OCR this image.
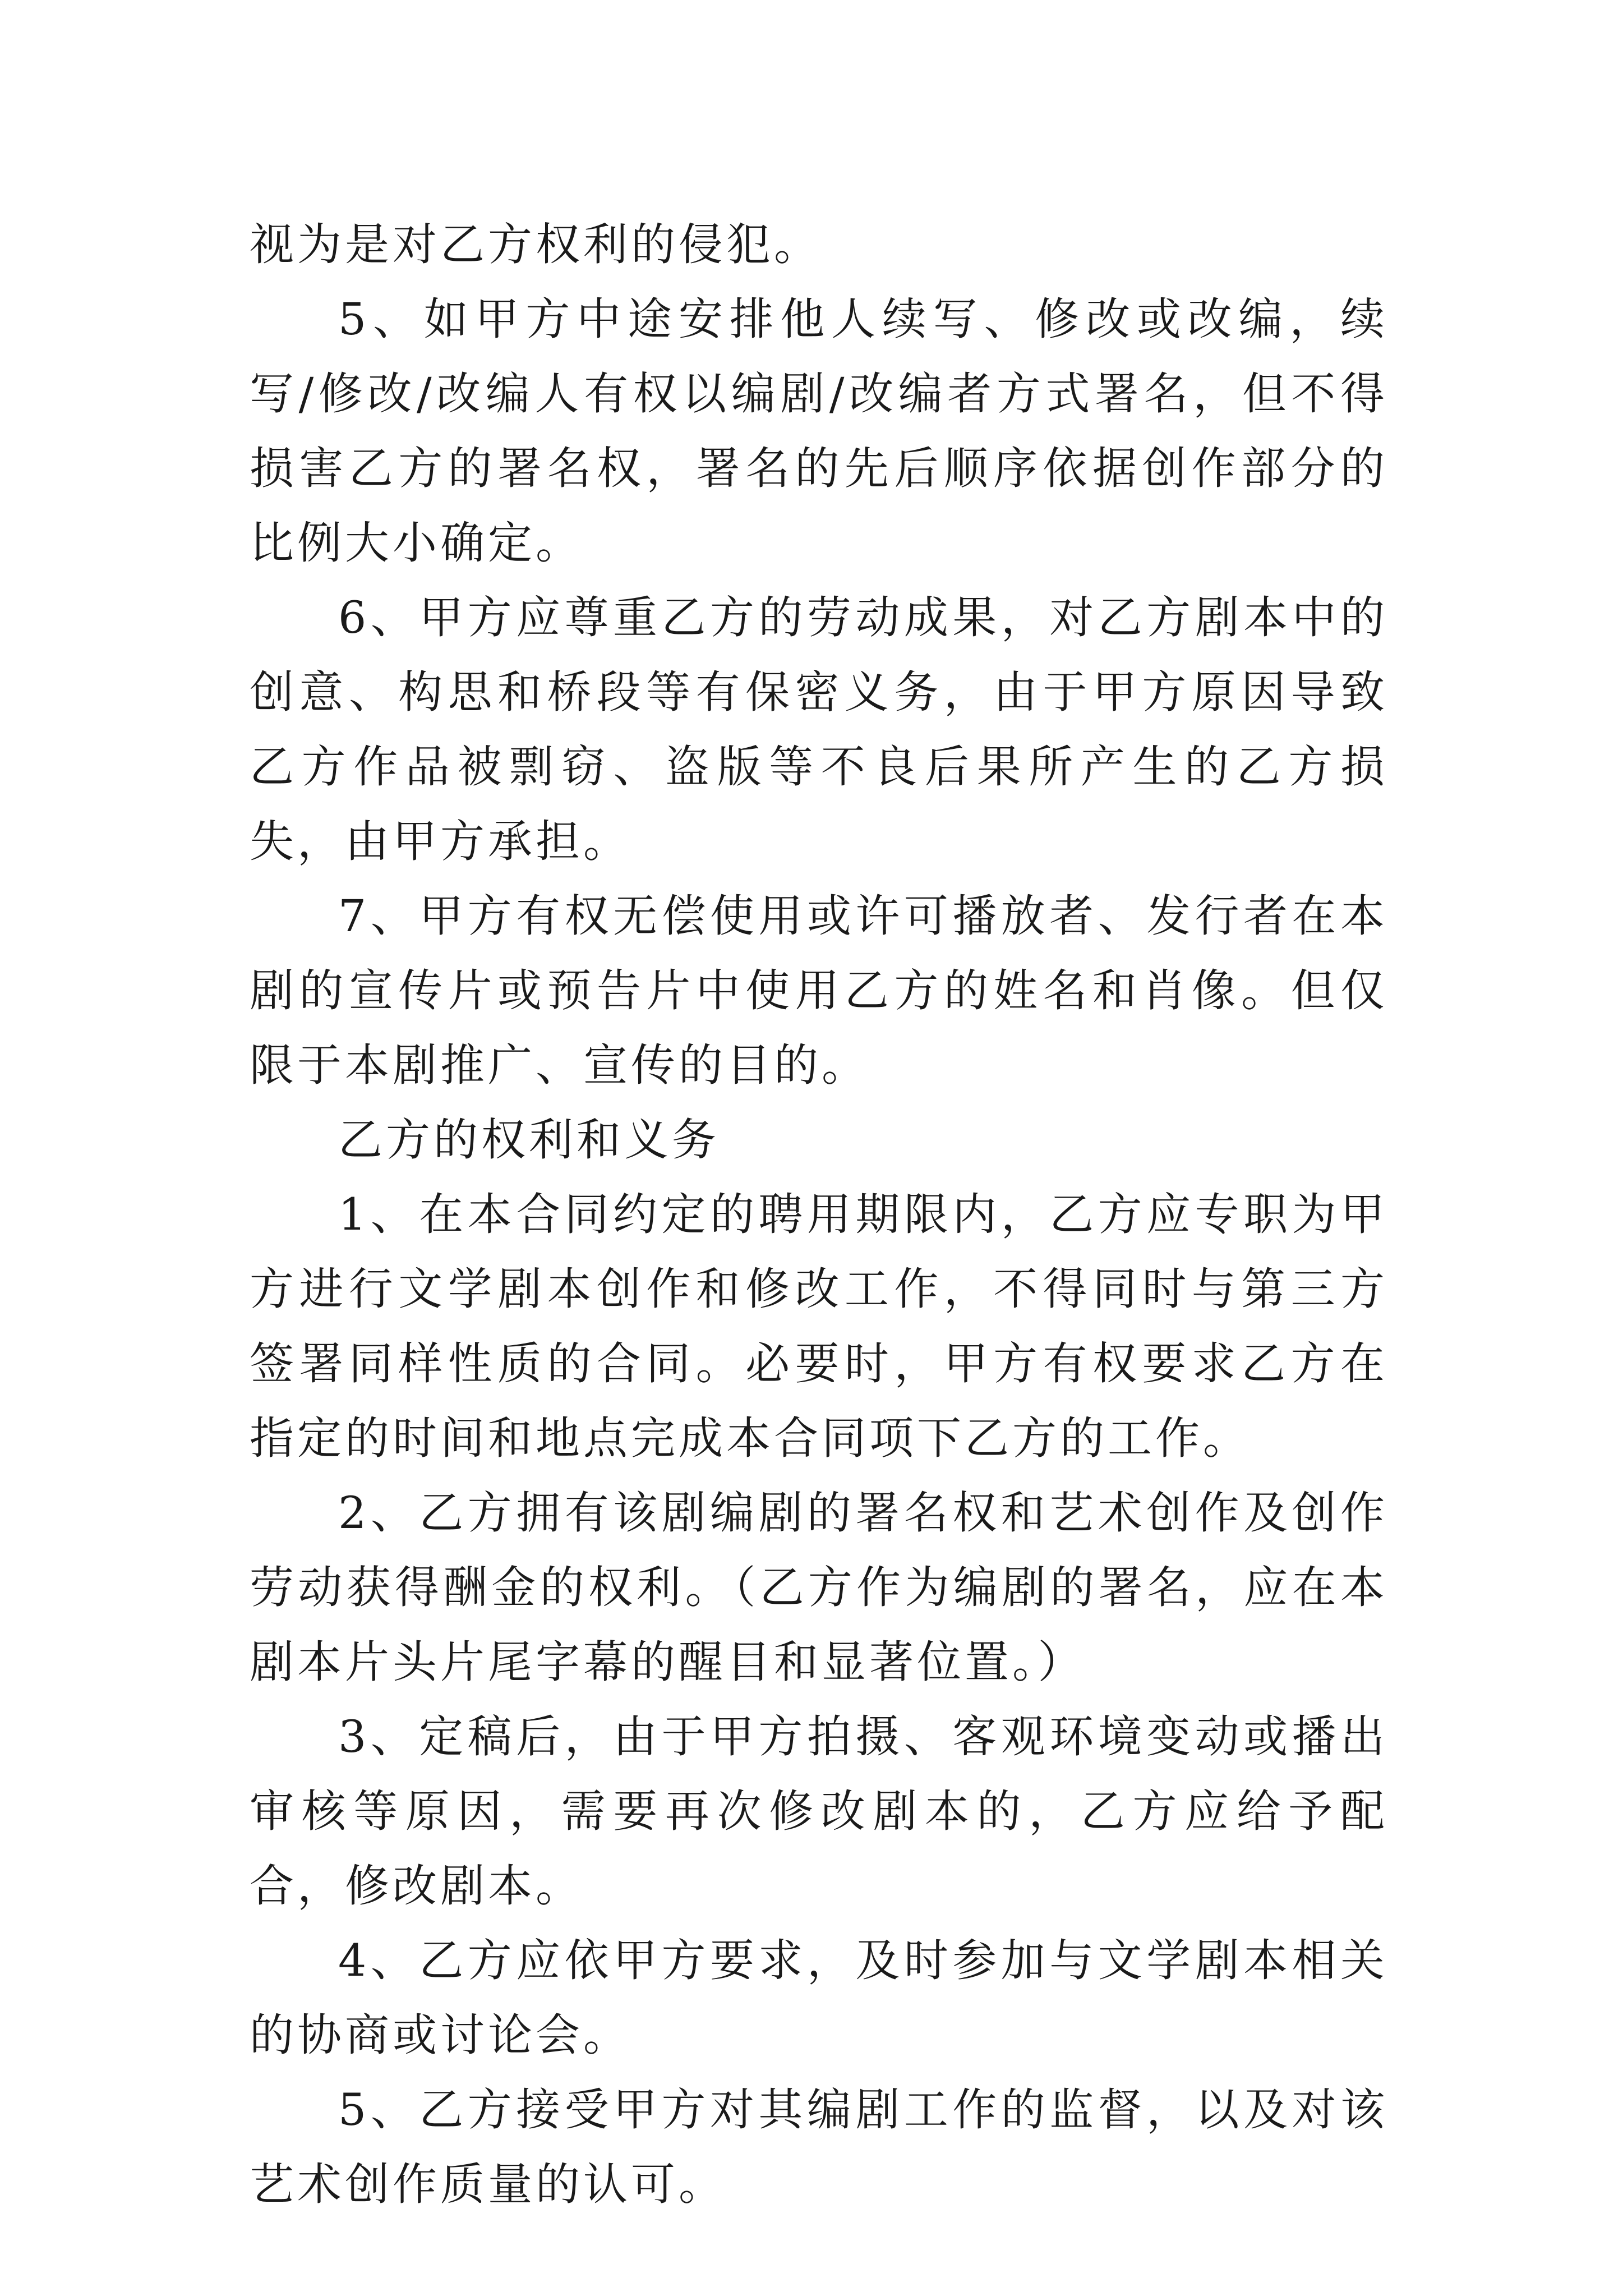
视为是对乙方权利的侵犯。

5、如甲方中途安排他人续写、修改或改编，续写/修改/改编人有权以编剧/改编者方式署名，但不得损害乙方的署名权，署名的先后顺序依据创作部分的比例大小确定。

6、甲方应尊重乙方的劳动成果，对乙方剧本中的创意、构思和桥段等有保密义务，由于甲方原因导致乙方作品被剽窃、盗版等不良后果所产生的乙方损失，由甲方承担。

7、甲方有权无偿使用或许可播放者、发行者在本剧的宣传片或预告片中使用乙方的姓名和肖像。但仅限于本剧推广、宣传的目的。

乙方的权利和义务

1、在本合同约定的聘用期限内，乙方应专职为甲方进行文学剧本创作和修改工作，不得同时与第三方签署同样性质的合同。必要时，甲方有权要求乙方在指定的时间和地点完成本合同项下乙方的工作。

2、乙方拥有该剧编剧的署名权和艺术创作及创作劳动获得酬金的权利。（乙方作为编剧的署名，应在本剧本片头片尾字幕的醒目和显著位置。）

3、定稿后，由于甲方拍摄、客观环境变动或播出审核等原因，需要再次修改剧本的，乙方应给予配合，修改剧本。

4、乙方应依甲方要求，及时参加与文学剧本相关的协商或讨论会。

5、乙方接受甲方对其编剧工作的监督，以及对该艺术创作质量的认可。
